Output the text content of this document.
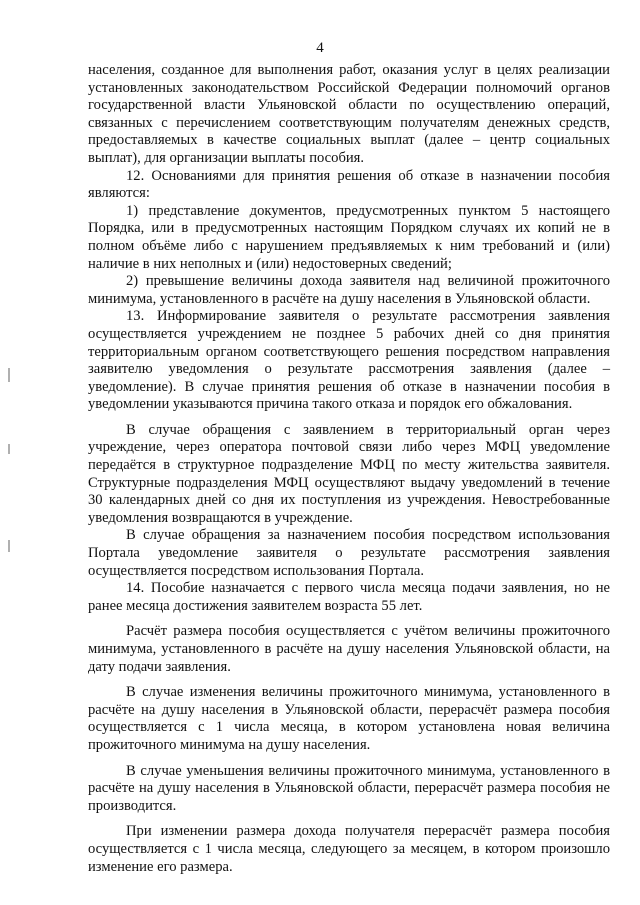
4

населения, созданное для выполнения работ, оказания услуг в целях реализации установленных законодательством Российской Федерации полномочий органов государственной власти Ульяновской области по осуществлению операций, связанных с перечислением соответствующим получателям денежных средств, предоставляемых в качестве социальных выплат (далее – центр социальных выплат), для организации выплаты пособия.

12. Основаниями для принятия решения об отказе в назначении пособия являются:

1) представление документов, предусмотренных пунктом 5 настоящего Порядка, или в предусмотренных настоящим Порядком случаях их копий не в полном объёме либо с нарушением предъявляемых к ним требований и (или) наличие в них неполных и (или) недостоверных сведений;

2) превышение величины дохода заявителя над величиной прожиточного минимума, установленного в расчёте на душу населения в Ульяновской области.

13. Информирование заявителя о результате рассмотрения заявления осуществляется учреждением не позднее 5 рабочих дней со дня принятия территориальным органом соответствующего решения посредством направления заявителю уведомления о результате рассмотрения заявления (далее – уведомление). В случае принятия решения об отказе в назначении пособия в уведомлении указываются причина такого отказа и порядок его обжалования.

В случае обращения с заявлением в территориальный орган через учреждение, через оператора почтовой связи либо через МФЦ уведомление передаётся в структурное подразделение МФЦ по месту жительства заявителя. Структурные подразделения МФЦ осуществляют выдачу уведомлений в течение 30 календарных дней со дня их поступления из учреждения. Невостребованные уведомления возвращаются в учреждение.

В случае обращения за назначением пособия посредством использования Портала уведомление заявителя о результате рассмотрения заявления осуществляется посредством использования Портала.

14. Пособие назначается с первого числа месяца подачи заявления, но не ранее месяца достижения заявителем возраста 55 лет.

Расчёт размера пособия осуществляется с учётом величины прожиточного минимума, установленного в расчёте на душу населения Ульяновской области, на дату подачи заявления.

В случае изменения величины прожиточного минимума, установленного в расчёте на душу населения в Ульяновской области, перерасчёт размера пособия осуществляется с 1 числа месяца, в котором установлена новая величина прожиточного минимума на душу населения.

В случае уменьшения величины прожиточного минимума, установленного в расчёте на душу населения в Ульяновской области, перерасчёт размера пособия не производится.

При изменении размера дохода получателя перерасчёт размера пособия осуществляется с 1 числа месяца, следующего за месяцем, в котором произошло изменение его размера.
